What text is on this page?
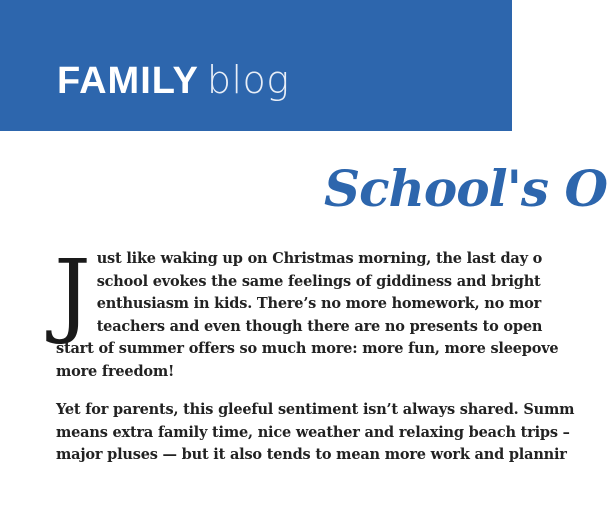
FAMILY blog
School's O
J ust like waking up on Christmas morning, the last day o
school evokes the same feelings of giddiness and bright
enthusiasm in kids. There’s no more homework, no mor
teachers and even though there are no presents to open
start of summer offers so much more: more fun, more sleepove
more freedom!
Yet for parents, this gleeful sentiment isn’t always shared. Summ
means extra family time, nice weather and relaxing beach trips –
major pluses — but it also tends to mean more work and plannir
